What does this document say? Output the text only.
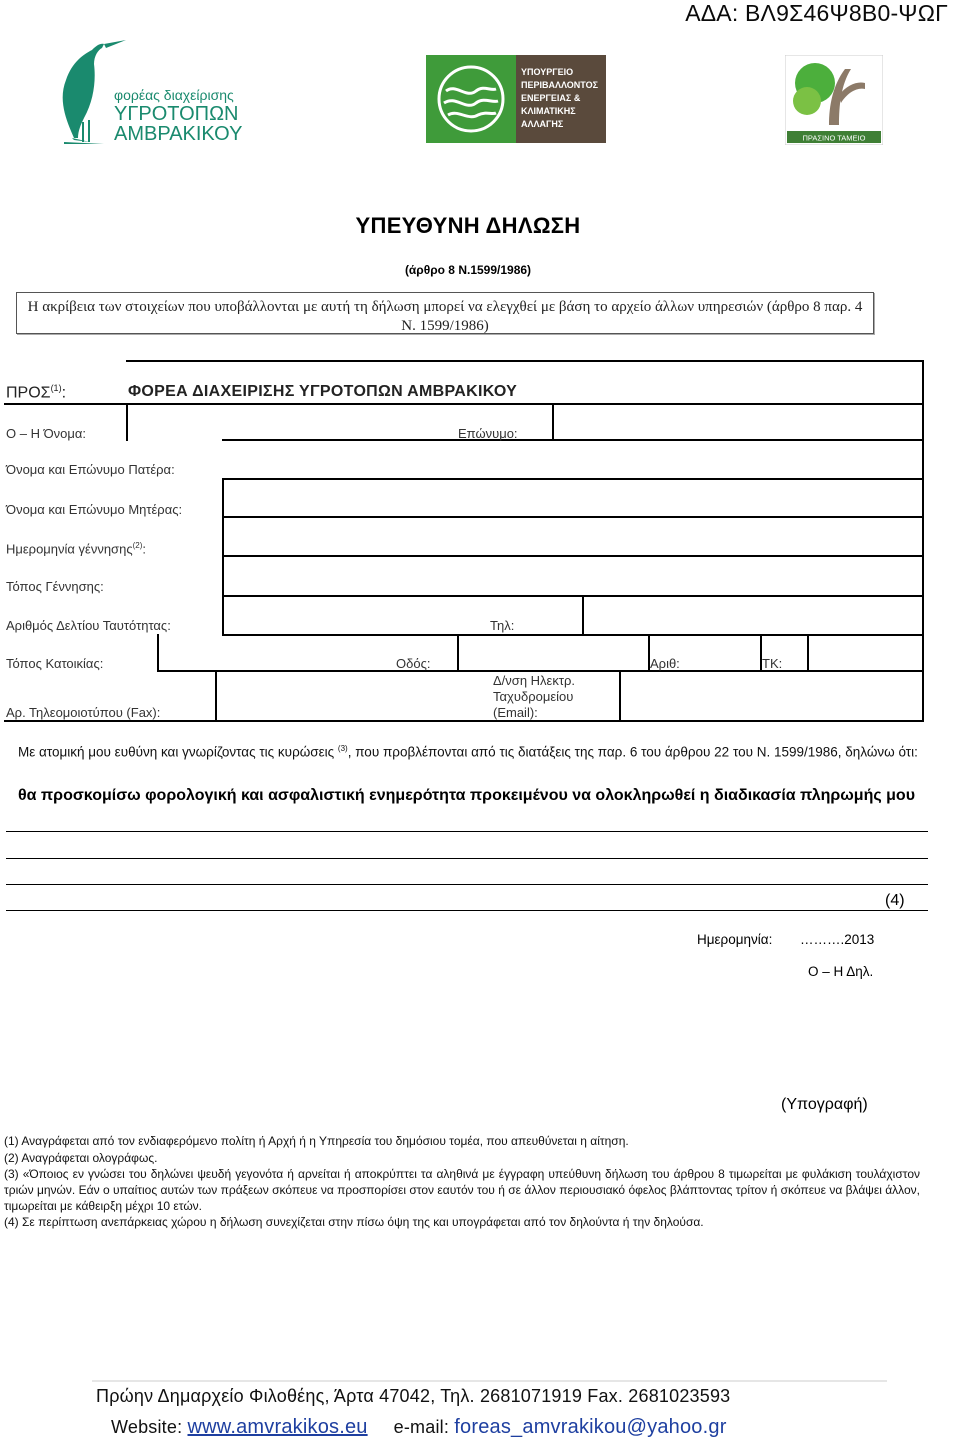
ΑΔΑ: ΒΛ9Σ46Ψ8Β0-ΨΩΓ
φορέας διαχείρισης
ΥΓΡΟΤΟΠΩΝ
ΑΜΒΡΑΚΙΚΟΥ
ΥΠΟΥΡΓΕΙΟ
ΠΕΡΙΒΑΛΛΟΝΤΟΣ
ΕΝΕΡΓΕΙΑΣ &
ΚΛΙΜΑΤΙΚΗΣ
ΑΛΛΑΓΗΣ
ΠΡΑΣΙΝΟ ΤΑΜΕΙΟ
ΥΠΕΥΘΥΝΗ ΔΗΛΩΣΗ
(άρθρο 8 Ν.1599/1986)
Η ακρίβεια των στοιχείων που υποβάλλονται με αυτή τη δήλωση μπορεί να ελεγχθεί με βάση το αρχείο άλλων υπηρεσιών (άρθρο 8 παρ. 4 Ν. 1599/1986)
ΠΡΟΣ$^{(1)}$:	ΦΟΡΕΑ ΔΙΑΧΕΙΡΙΣΗΣ ΥΓΡΟΤΟΠΩΝ ΑΜΒΡΑΚΙΚΟΥ
Ο – Η Όνομα:	Επώνυμο:
Όνομα και Επώνυμο Πατέρα:
Όνομα και Επώνυμο Μητέρας:
Ημερομηνία γέννησης$^{(2)}$:
Τόπος Γέννησης:
Αριθμός Δελτίου Ταυτότητας:	Τηλ:
Τόπος Κατοικίας:	Οδός:	Αριθ:	ΤΚ:
Αρ. Τηλεομοιοτύπου (Fax):
Δ/νση Ηλεκτρ.
Ταχυδρομείου
(Εmail):
Με ατομική μου ευθύνη και γνωρίζοντας τις κυρώσεις $^{(3)}$, που προβλέπονται από τις διατάξεις της παρ. 6 του άρθρου 22 του Ν. 1599/1986, δηλώνω ότι:
θα προσκομίσω φορολογική και ασφαλιστική ενημερότητα προκειμένου να ολοκληρωθεί η διαδικασία πληρωμής μου
(4)
Ημερομηνία: ……….2013
Ο – Η Δηλ.
(Υπογραφή)
(1) Αναγράφεται από τον ενδιαφερόμενο πολίτη ή Αρχή ή η Υπηρεσία του δημόσιου τομέα, που απευθύνεται η αίτηση.
(2) Αναγράφεται ολογράφως.
(3) «Όποιος εν γνώσει του δηλώνει ψευδή γεγονότα ή αρνείται ή αποκρύπτει τα αληθινά με έγγραφη υπεύθυνη δήλωση του άρθρου 8 τιμωρείται με φυλάκιση τουλάχιστον τριών μηνών. Εάν ο υπαίτιος αυτών των πράξεων σκόπευε να προσπορίσει στον εαυτόν του ή σε άλλον περιουσιακό όφελος βλάπτοντας τρίτον ή σκόπευε να βλάψει άλλον, τιμωρείται με κάθειρξη μέχρι 10 ετών.
(4) Σε περίπτωση ανεπάρκειας χώρου η δήλωση συνεχίζεται στην πίσω όψη της και υπογράφεται από τον δηλούντα ή την δηλούσα.
Πρώην Δημαρχείο Φιλοθέης, Άρτα 47042, Τηλ. 2681071919 Fax. 2681023593
Website: www.amvrakikos.eu e-mail: foreas_amvrakikou@yahoo.gr
